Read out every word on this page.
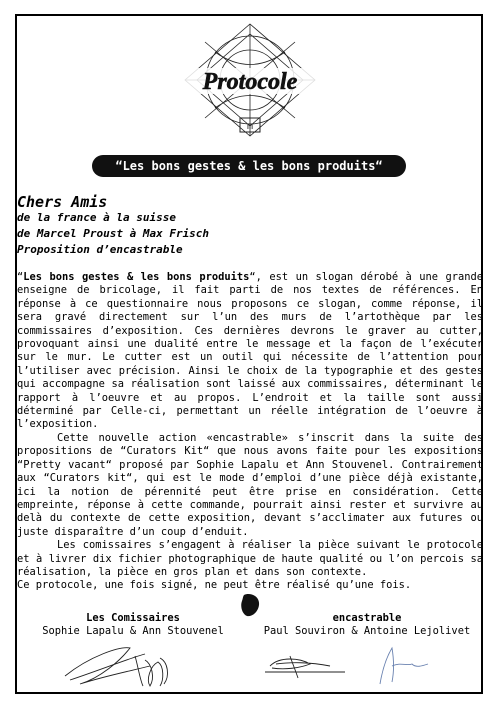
Protocole
m
“Les bons gestes & les bons produits“
Chers Amis
de la france à la suisse
de Marcel Proust à Max Frisch
Proposition d’encastrable

“Les bons gestes & les bons produits“, est un slogan dérobé à une grande enseigne de bricolage, il fait parti de nos textes de références. En réponse à ce questionnaire nous proposons ce slogan, comme réponse, il sera gravé directement sur l’un des murs de l’artothèque par les commissaires d’exposition. Ces dernières devrons le graver au cutter, provoquant ainsi une dualité entre le message et la façon de l’exécuter sur le mur. Le cutter est un outil qui nécessite de l’attention pour l’utiliser avec précision. Ainsi le choix de la typographie et des gestes qui accompagne sa réalisation sont laissé aux commissaires, déterminant le rapport à l’oeuvre et au propos. L’endroit et la taille sont aussi déterminé par Celle-ci, permettant un réelle intégration de l’oeuvre à l’exposition.

Cette nouvelle action «encastrable» s’inscrit dans la suite des propositions de “Curators Kit“ que nous avons faite pour les expositions “Pretty vacant“ proposé par Sophie Lapalu et Ann Stouvenel. Contrairement aux “Curators kit“, qui est le mode d’emploi d’une pièce déjà existante, ici la notion de pérennité peut être prise en considération. Cette empreinte, réponse à cette commande, pourrait ainsi rester et survivre au delà du contexte de cette exposition, devant s’acclimater aux futures ou juste disparaître d’un coup d’enduit.

Les comissaires s’engagent à réaliser la pièce suivant le protocole et à livrer dix fichier photographique de haute qualité ou l’on percois sa réalisation, la pièce en gros plan et dans son contexte.

Ce protocole, une fois signé, ne peut être réalisé qu’une fois.

Les Comissaires
Sophie Lapalu & Ann Stouvenel
encastrable
Paul Souviron & Antoine Lejolivet
